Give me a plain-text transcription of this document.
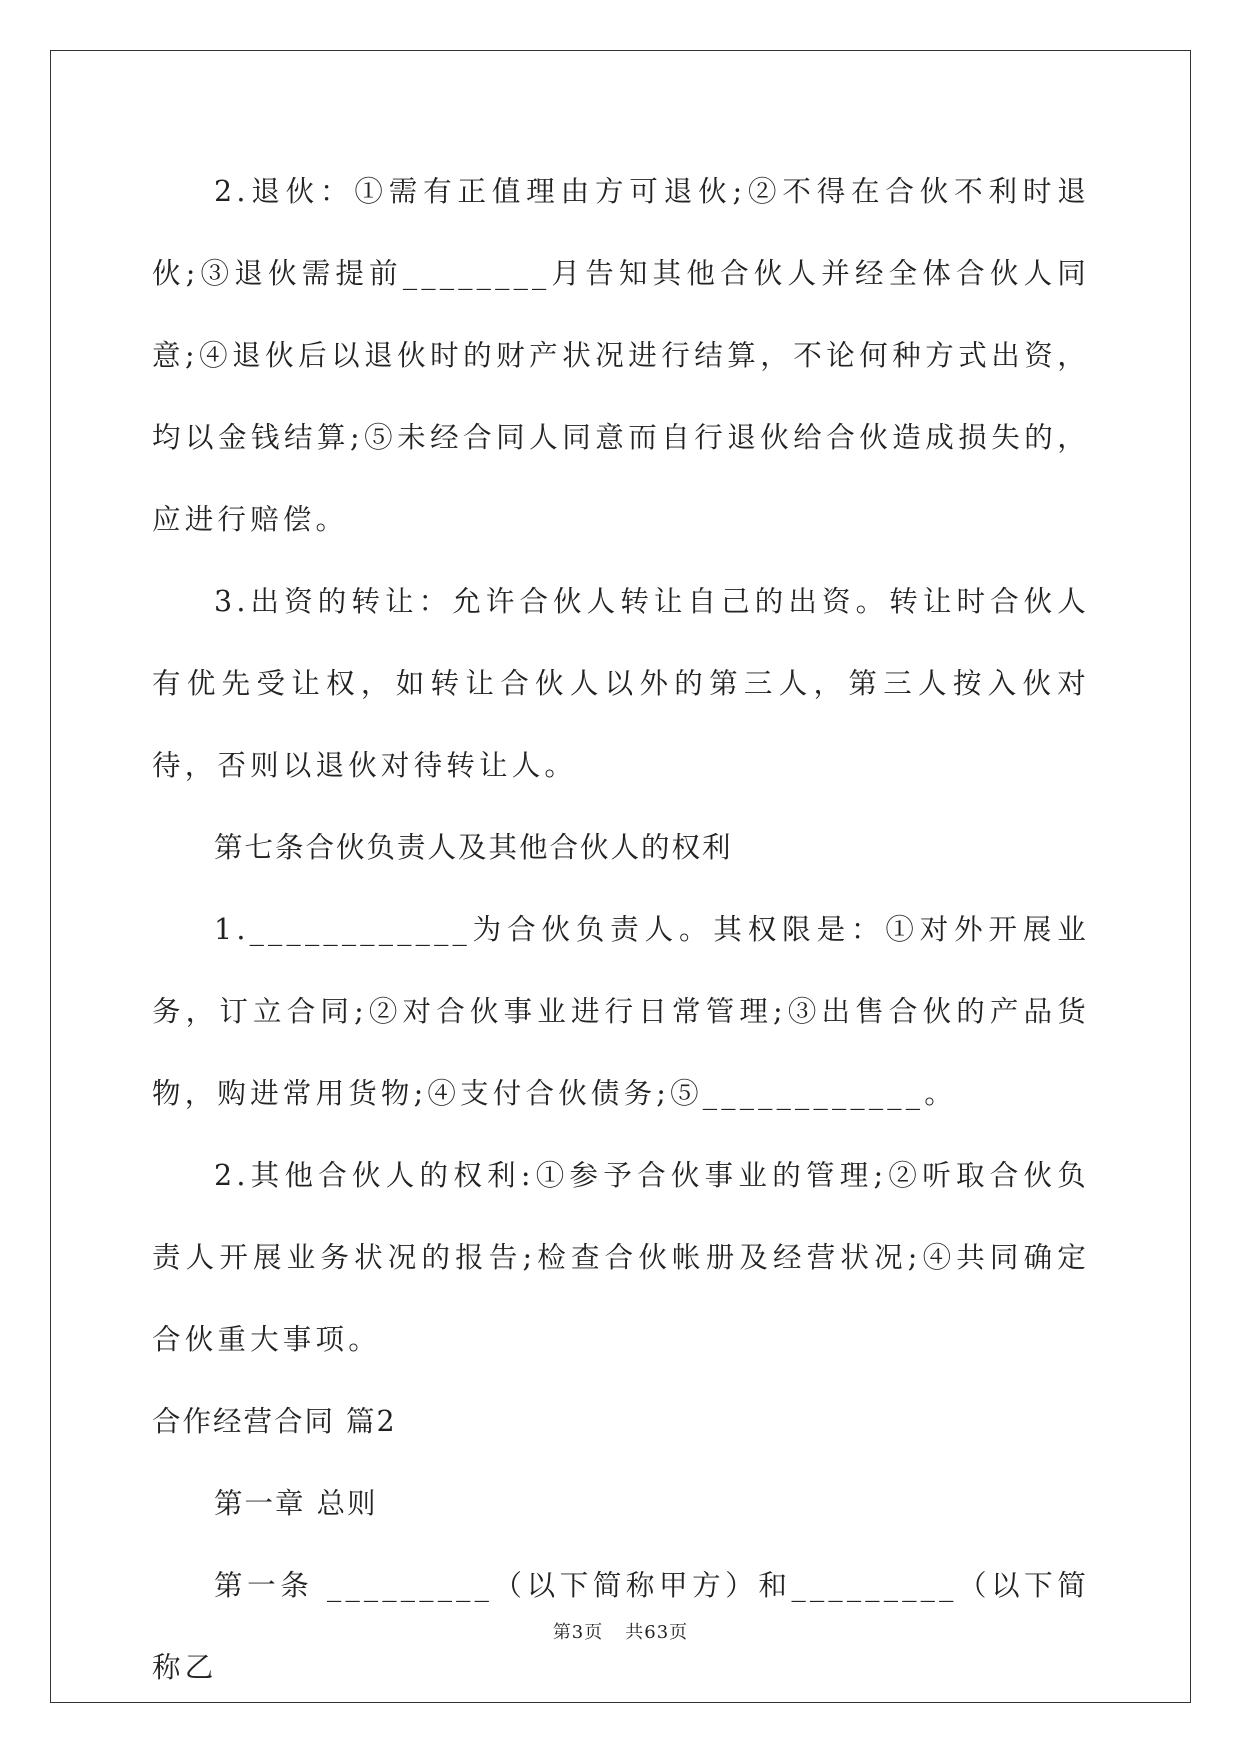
2.退伙：①需有正值理由方可退伙;②不得在合伙不利时退伙;③退伙需提前________月告知其他合伙人并经全体合伙人同意;④退伙后以退伙时的财产状况进行结算，不论何种方式出资，均以金钱结算;⑤未经合同人同意而自行退伙给合伙造成损失的，应进行赔偿。

3.出资的转让：允许合伙人转让自己的出资。转让时合伙人有优先受让权，如转让合伙人以外的第三人，第三人按入伙对待，否则以退伙对待转让人。

第七条合伙负责人及其他合伙人的权利

1.____________为合伙负责人。其权限是：①对外开展业务，订立合同;②对合伙事业进行日常管理;③出售合伙的产品货物，购进常用货物;④支付合伙债务;⑤____________。

2.其他合伙人的权利:①参予合伙事业的管理;②听取合伙负责人开展业务状况的报告;检查合伙帐册及经营状况;④共同确定合伙重大事项。

合作经营合同 篇2

第一章 总则

第一条 _________（以下简称甲方）和_________（以下简称乙

第3页 共63页
